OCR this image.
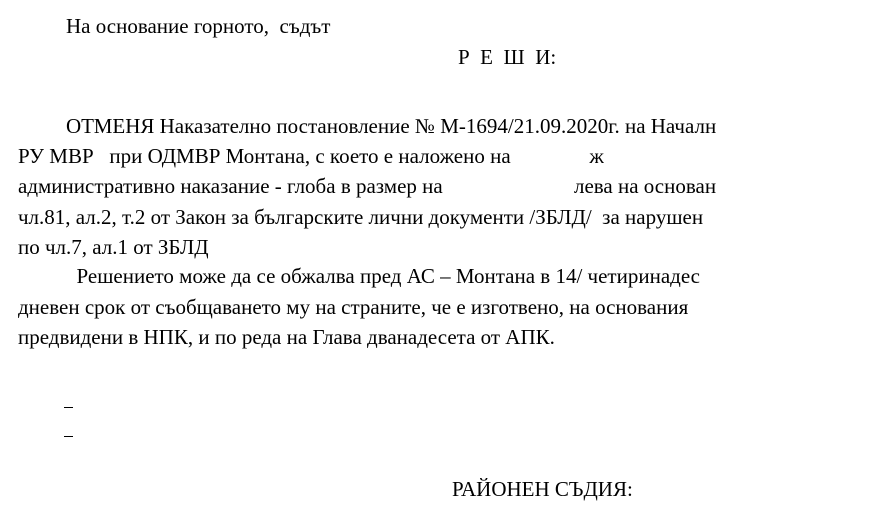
На основание горното,  съдът
Р  Е  Ш  И:
ОТМЕНЯ Наказателно постановление № М-1694/21.09.2020г. на Началн
РУ МВР   при ОДМВР Монтана, с което е наложено на               ж
административно наказание - глоба в размер на                         лева на основан
чл.81, ал.2, т.2 от Закон за българските лични документи /ЗБЛД/  за нарушен
по чл.7, ал.1 от ЗБЛД
Решението може да се обжалва пред АС – Монтана в 14/ четиринадес
дневен срок от съобщаването му на страните, че е изготвено, на основания
предвидени в НПК, и по реда на Глава дванадесета от АПК.
РАЙОНЕН СЪДИЯ:
